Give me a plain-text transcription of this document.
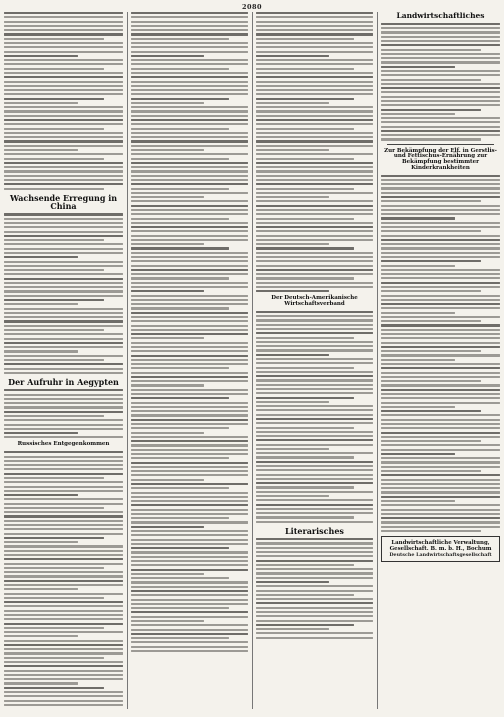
2080
Wachsende Erregung in China
Der Aufruhr in Aegypten
Russisches Entgegenkommen
Der Deutsch-Amerikanische Wirtschaftsverband
Literarisches
Landwirtschaftliches
Zur Bekämpfung der Elf. in Gerstlis-und Fettischus-Ernährung zur Bekämpfung bestimmter Kinderkrankheiten
Landwirtschaftliche Verwaltung, Gesellschaft. B. m. b. H., Bochum
Deutsche Landwirtschaftsgesellschaft
